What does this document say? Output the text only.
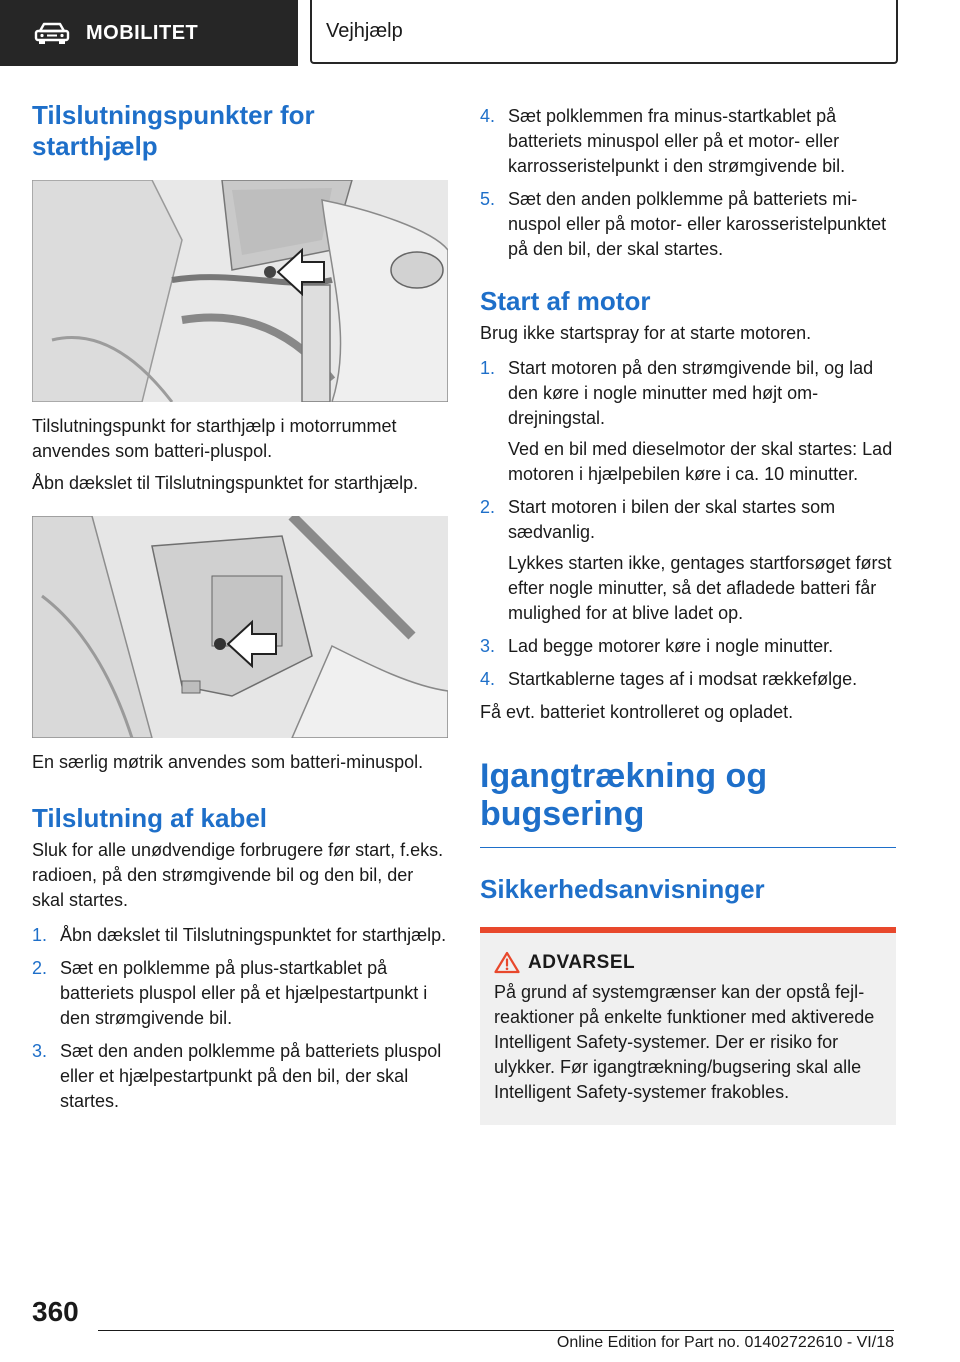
MOBILITET	Vejhjælp
Tilslutningspunkter for starthjælp

Tilslutningspunkt for starthjælp i motorrummet anvendes som batteri-pluspol.

Åbn dækslet til Tilslutningspunktet for starthjælp.

En særlig møtrik anvendes som batteri-minuspol.

Tilslutning af kabel

Sluk for alle unødvendige forbrugere før start, f.eks. radioen, på den strømgivende bil og den bil, der skal startes.

1. Åbn dækslet til Tilslutningspunktet for starthjælp.
2. Sæt en polklemme på plus-startkablet på batteriets pluspol eller på et hjælpestartpunkt i den strømgivende bil.
3. Sæt den anden polklemme på batteriets pluspol eller et hjælpestartpunkt på den bil, der skal startes.
4. Sæt polklemmen fra minus-startkablet på batteriets minuspol eller på et motor- eller karrosseristelpunkt i den strømgivende bil.
5. Sæt den anden polklemme på batteriets minuspol eller på motor- eller karosseristelpunktet på den bil, der skal startes.
Start af motor

Brug ikke startspray for at starte motoren.

1. Start motoren på den strømgivende bil, og lad den køre i nogle minutter med højt omdrejningstal.
Ved en bil med dieselmotor der skal startes: Lad motoren i hjælpebilen køre i ca. 10 minutter.
2. Start motoren i bilen der skal startes som sædvanlig.
Lykkes starten ikke, gentages startforsøget først efter nogle minutter, så det afladede batteri får mulighed for at blive ladet op.
3. Lad begge motorer køre i nogle minutter.
4. Startkablerne tages af i modsat rækkefølge.

Få evt. batteriet kontrolleret og opladet.

Igangtrækning og bugsering
Sikkerhedsanvisninger
ADVARSEL

På grund af systemgrænser kan der opstå fejlreaktioner på enkelte funktioner med aktiverede Intelligent Safety-systemer. Der er risiko for ulykker. Før igangtrækning/bugsering skal alle Intelligent Safety-systemer frakobles.

360
Online Edition for Part no. 01402722610 - VI/18
